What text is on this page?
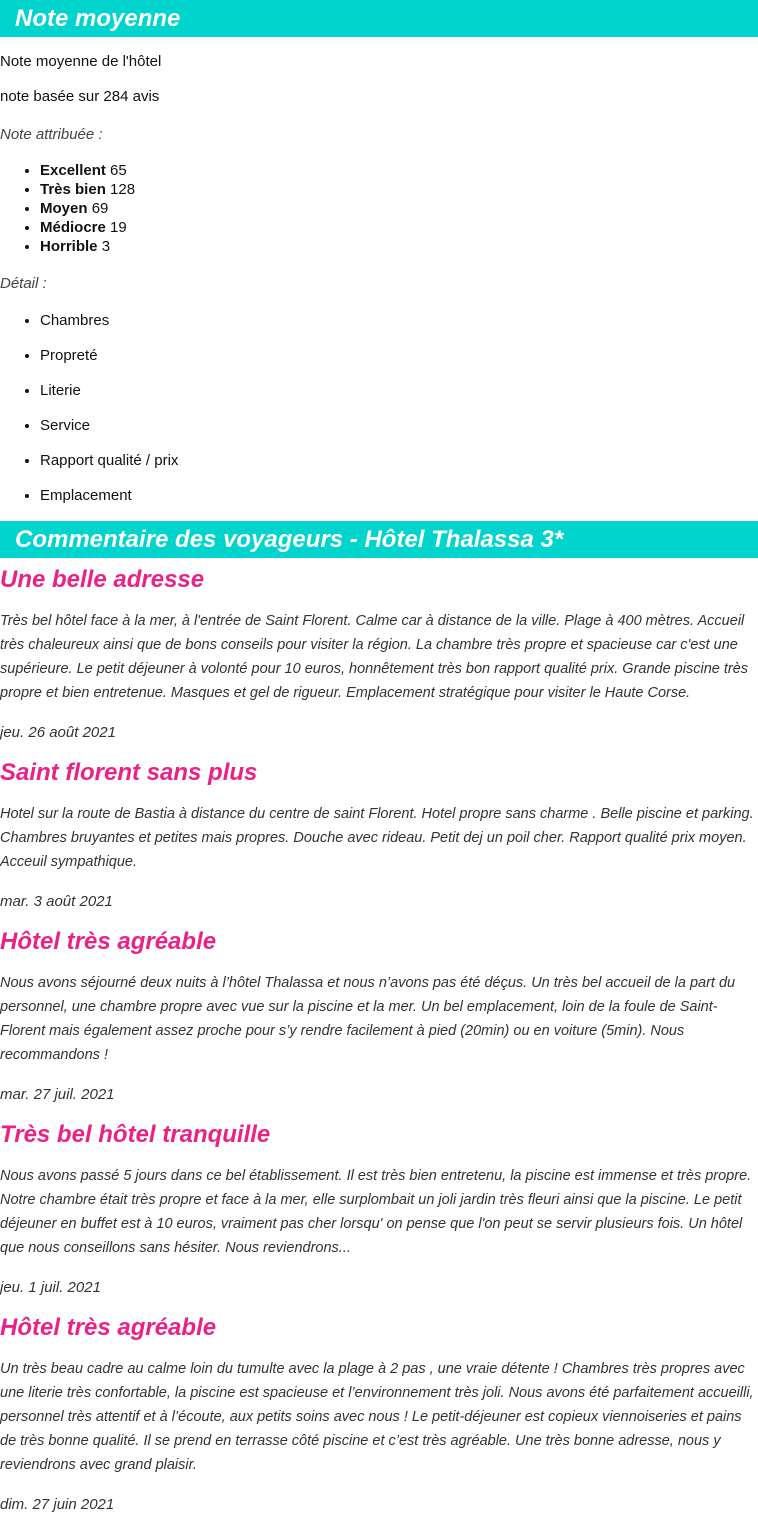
Note moyenne

Note moyenne de l'hôtel

note basée sur 284 avis

Note attribuée :

• Excellent 65
• Très bien 128
• Moyen 69
• Médiocre 19
• Horrible 3

Détail :

• Chambres
• Propreté
• Literie
• Service
• Rapport qualité / prix
• Emplacement
Commentaire des voyageurs - Hôtel Thalassa 3*
Une belle adresse

Très bel hôtel face à la mer, à l'entrée de Saint Florent. Calme car à distance de la ville. Plage à 400 mètres. Accueil très chaleureux ainsi que de bons conseils pour visiter la région. La chambre très propre et spacieuse car c'est une supérieure. Le petit déjeuner à volonté pour 10 euros, honnêtement très bon rapport qualité prix. Grande piscine très propre et bien entretenue. Masques et gel de rigueur. Emplacement stratégique pour visiter le Haute Corse.

jeu. 26 août 2021

Saint florent sans plus

Hotel sur la route de Bastia à distance du centre de saint Florent. Hotel propre sans charme . Belle piscine et parking. Chambres bruyantes et petites mais propres. Douche avec rideau. Petit dej un poil cher. Rapport qualité prix moyen. Acceuil sympathique.

mar. 3 août 2021

Hôtel très agréable

Nous avons séjourné deux nuits à l’hôtel Thalassa et nous n’avons pas été déçus. Un très bel accueil de la part du personnel, une chambre propre avec vue sur la piscine et la mer. Un bel emplacement, loin de la foule de Saint-Florent mais également assez proche pour s’y rendre facilement à pied (20min) ou en voiture (5min). Nous recommandons !

mar. 27 juil. 2021

Très bel hôtel tranquille

Nous avons passé 5 jours dans ce bel établissement. Il est très bien entretenu, la piscine est immense et très propre. Notre chambre était très propre et face à la mer, elle surplombait un joli jardin très fleuri ainsi que la piscine. Le petit déjeuner en buffet est à 10 euros, vraiment pas cher lorsqu' on pense que l'on peut se servir plusieurs fois. Un hôtel que nous conseillons sans hésiter. Nous reviendrons...

jeu. 1 juil. 2021

Hôtel très agréable

Un très beau cadre au calme loin du tumulte avec la plage à 2 pas , une vraie détente ! Chambres très propres avec une literie très confortable, la piscine est spacieuse et l’environnement très joli. Nous avons été parfaitement accueilli, personnel très attentif et à l’écoute, aux petits soins avec nous ! Le petit-déjeuner est copieux viennoiseries et pains de très bonne qualité. Il se prend en terrasse côté piscine et c’est très agréable. Une très bonne adresse, nous y reviendrons avec grand plaisir.

dim. 27 juin 2021
